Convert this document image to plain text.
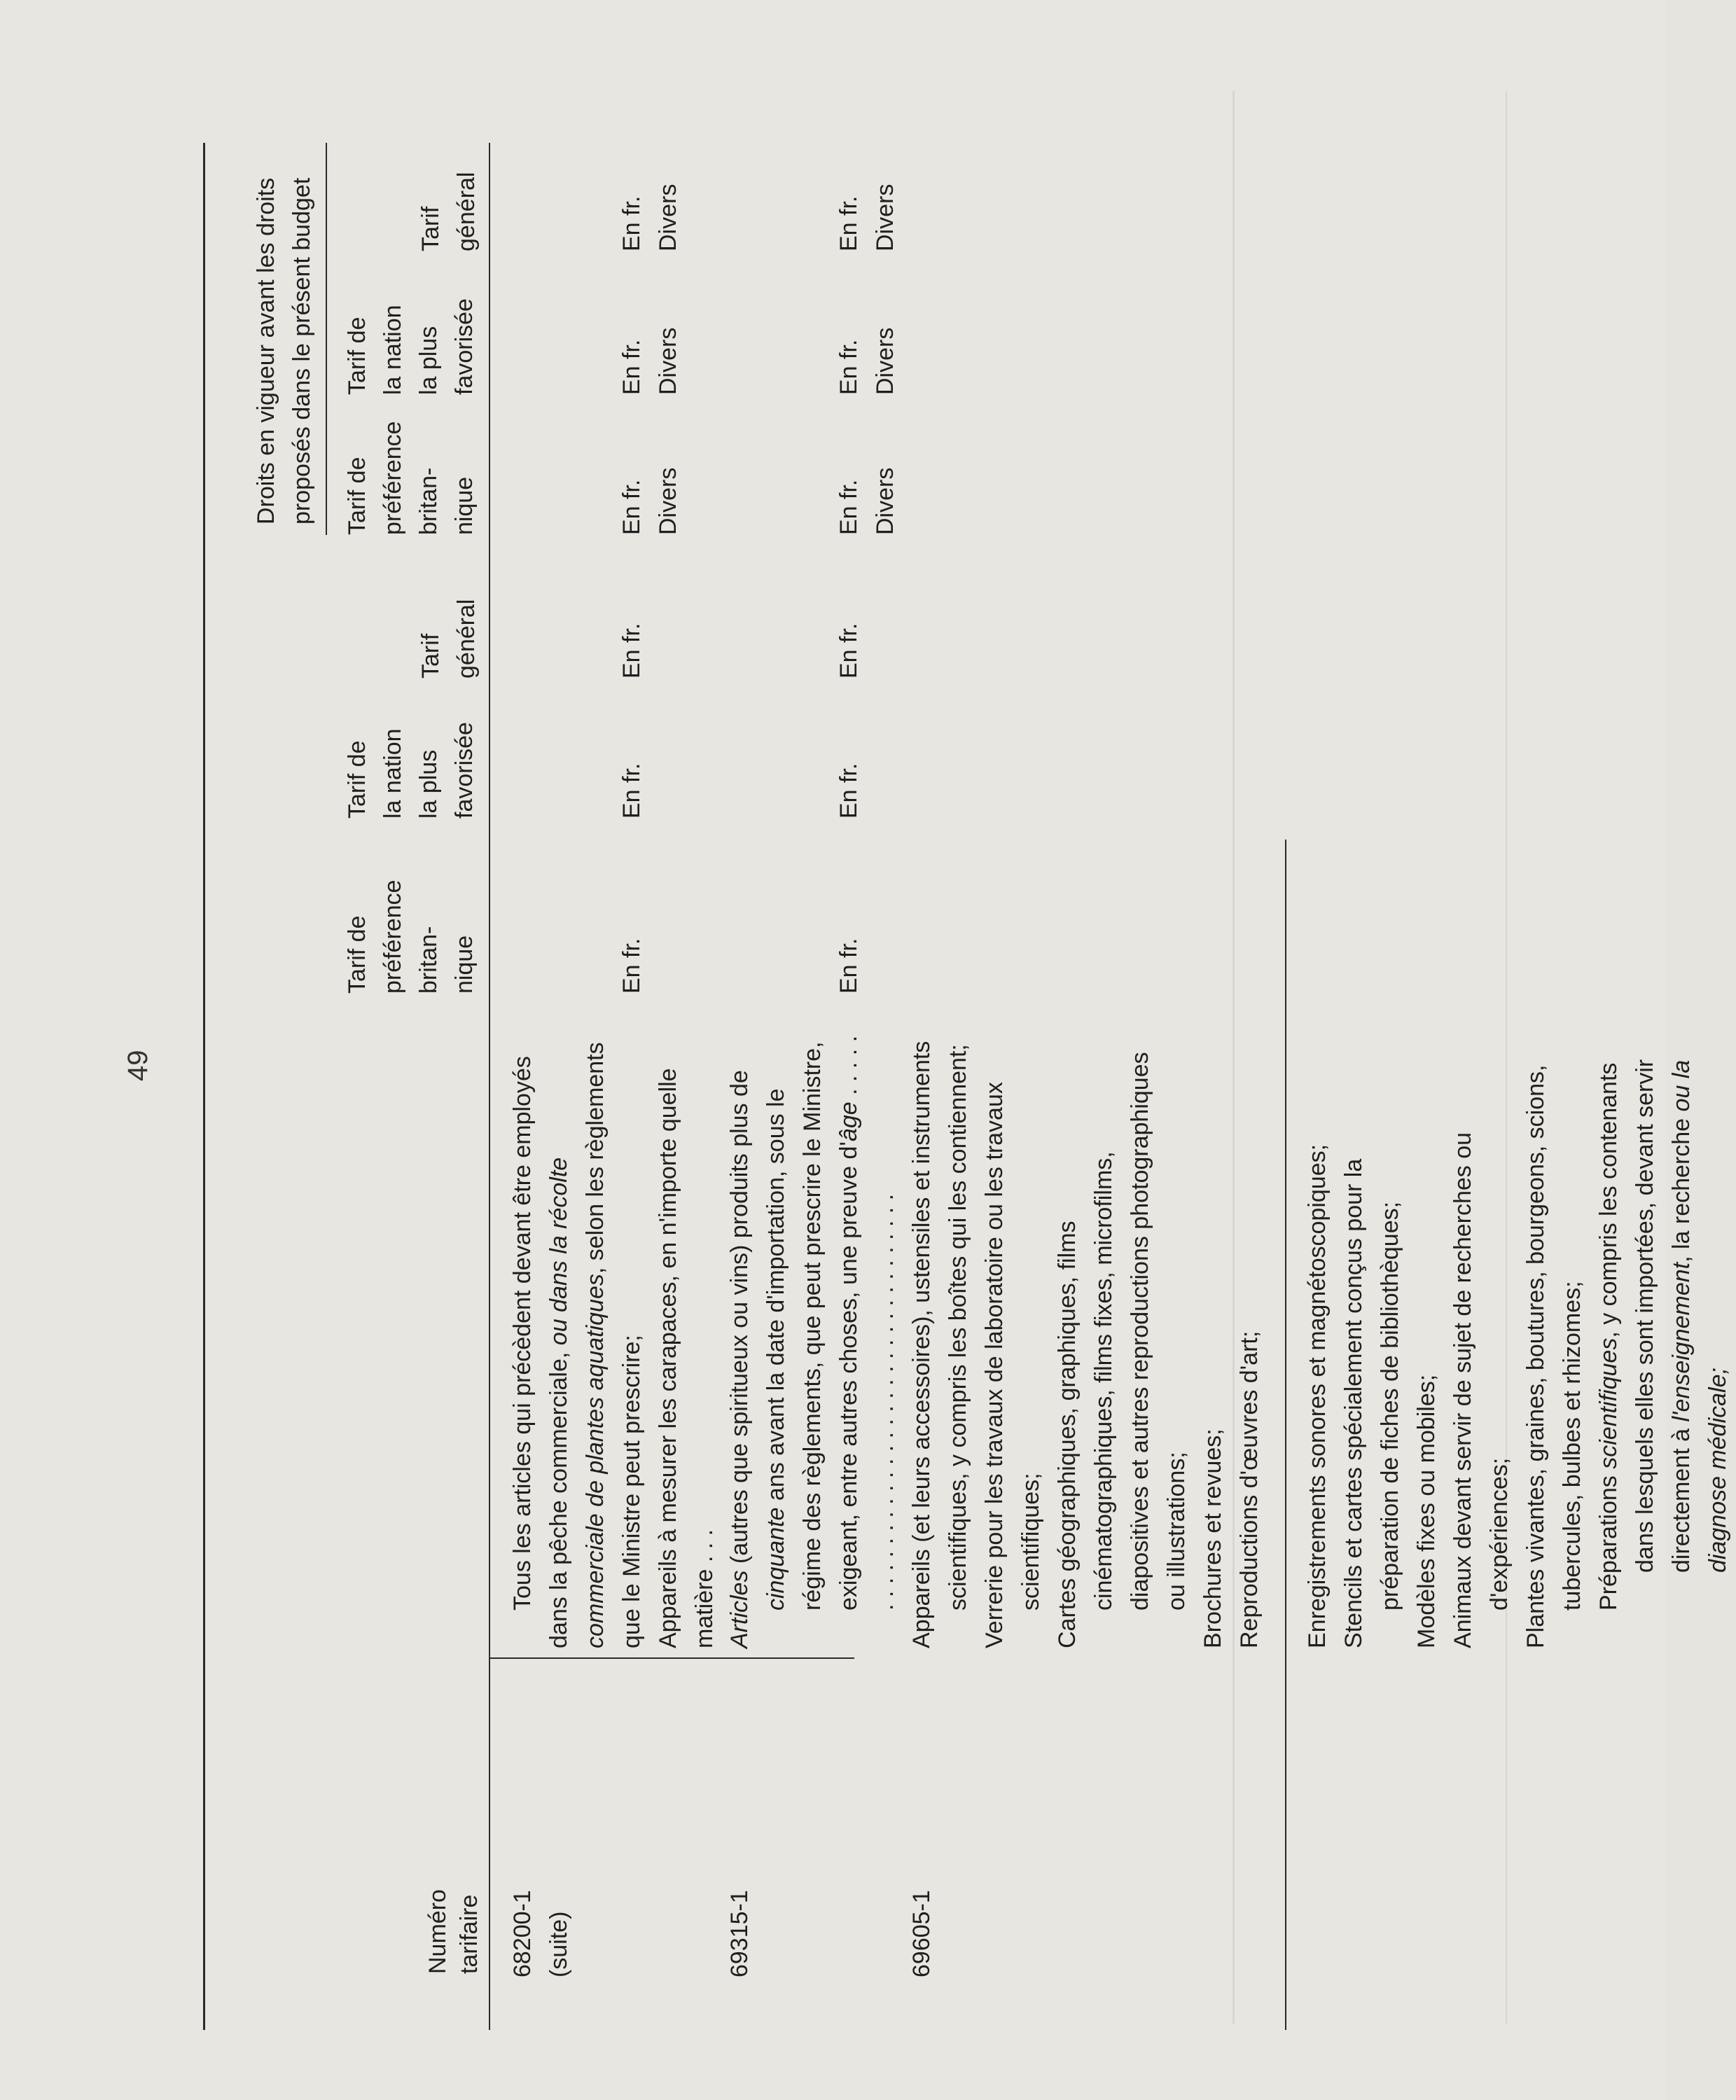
49
Numéro tarifaire
Tarif de préférence britan- nique
Tarif de la nation la plus favorisée
Tarif général
Droits en vigueur avant les droits proposés dans le présent budget Tarif de préférence britan- nique
Tarif de la nation la plus favorisée
Tarif général
68200-1 (suite)

Tous les articles qui précèdent devant être employés dans la pêche commerciale, ou dans la récolte commerciale de plantes aquatiques, selon les règlements que le Ministre peut prescrire; Appareils à mesurer les carapaces, en n'importe quelle matière . . .

En fr.
En fr.
En fr.
En fr. Divers
En fr. Divers
En fr. Divers
69315-1

Articles (autres que spiritueux ou vins) produits plus de cinquante ans avant la date d'importation, sous le régime des règlements, que peut prescrire le Ministre, exigeant, entre autres choses, une preuve d'âge . . . . . . . . . . . . . . . . . . . . . . . . . . . . . . . . . . . . .

En fr.
En fr.
En fr.
En fr. Divers
En fr. Divers
En fr. Divers
69605-1

Appareils (et leurs accessoires), ustensiles et instruments scientifiques, y compris les boîtes qui les contiennent; Verrerie pour les travaux de laboratoire ou les travaux scientifiques; Cartes géographiques, graphiques, films cinématographiques, films fixes, microfilms, diapositives et autres reproductions photographiques ou illustrations; Brochures et revues; Reproductions d'œuvres d'art; Enregistrements sonores et magnétoscopiques; Stencils et cartes spécialement conçus pour la préparation de fiches de bibliothèques; Modèles fixes ou mobiles; Animaux devant servir de sujet de recherches ou d'expériences; Plantes vivantes, graines, boutures, bourgeons, scions, tubercules, bulbes et rhizomes; Préparations scientifiques, y compris les contenants dans lesquels elles sont importées, devant servir directement à l'enseignement, la recherche ou la diagnose médicale;
